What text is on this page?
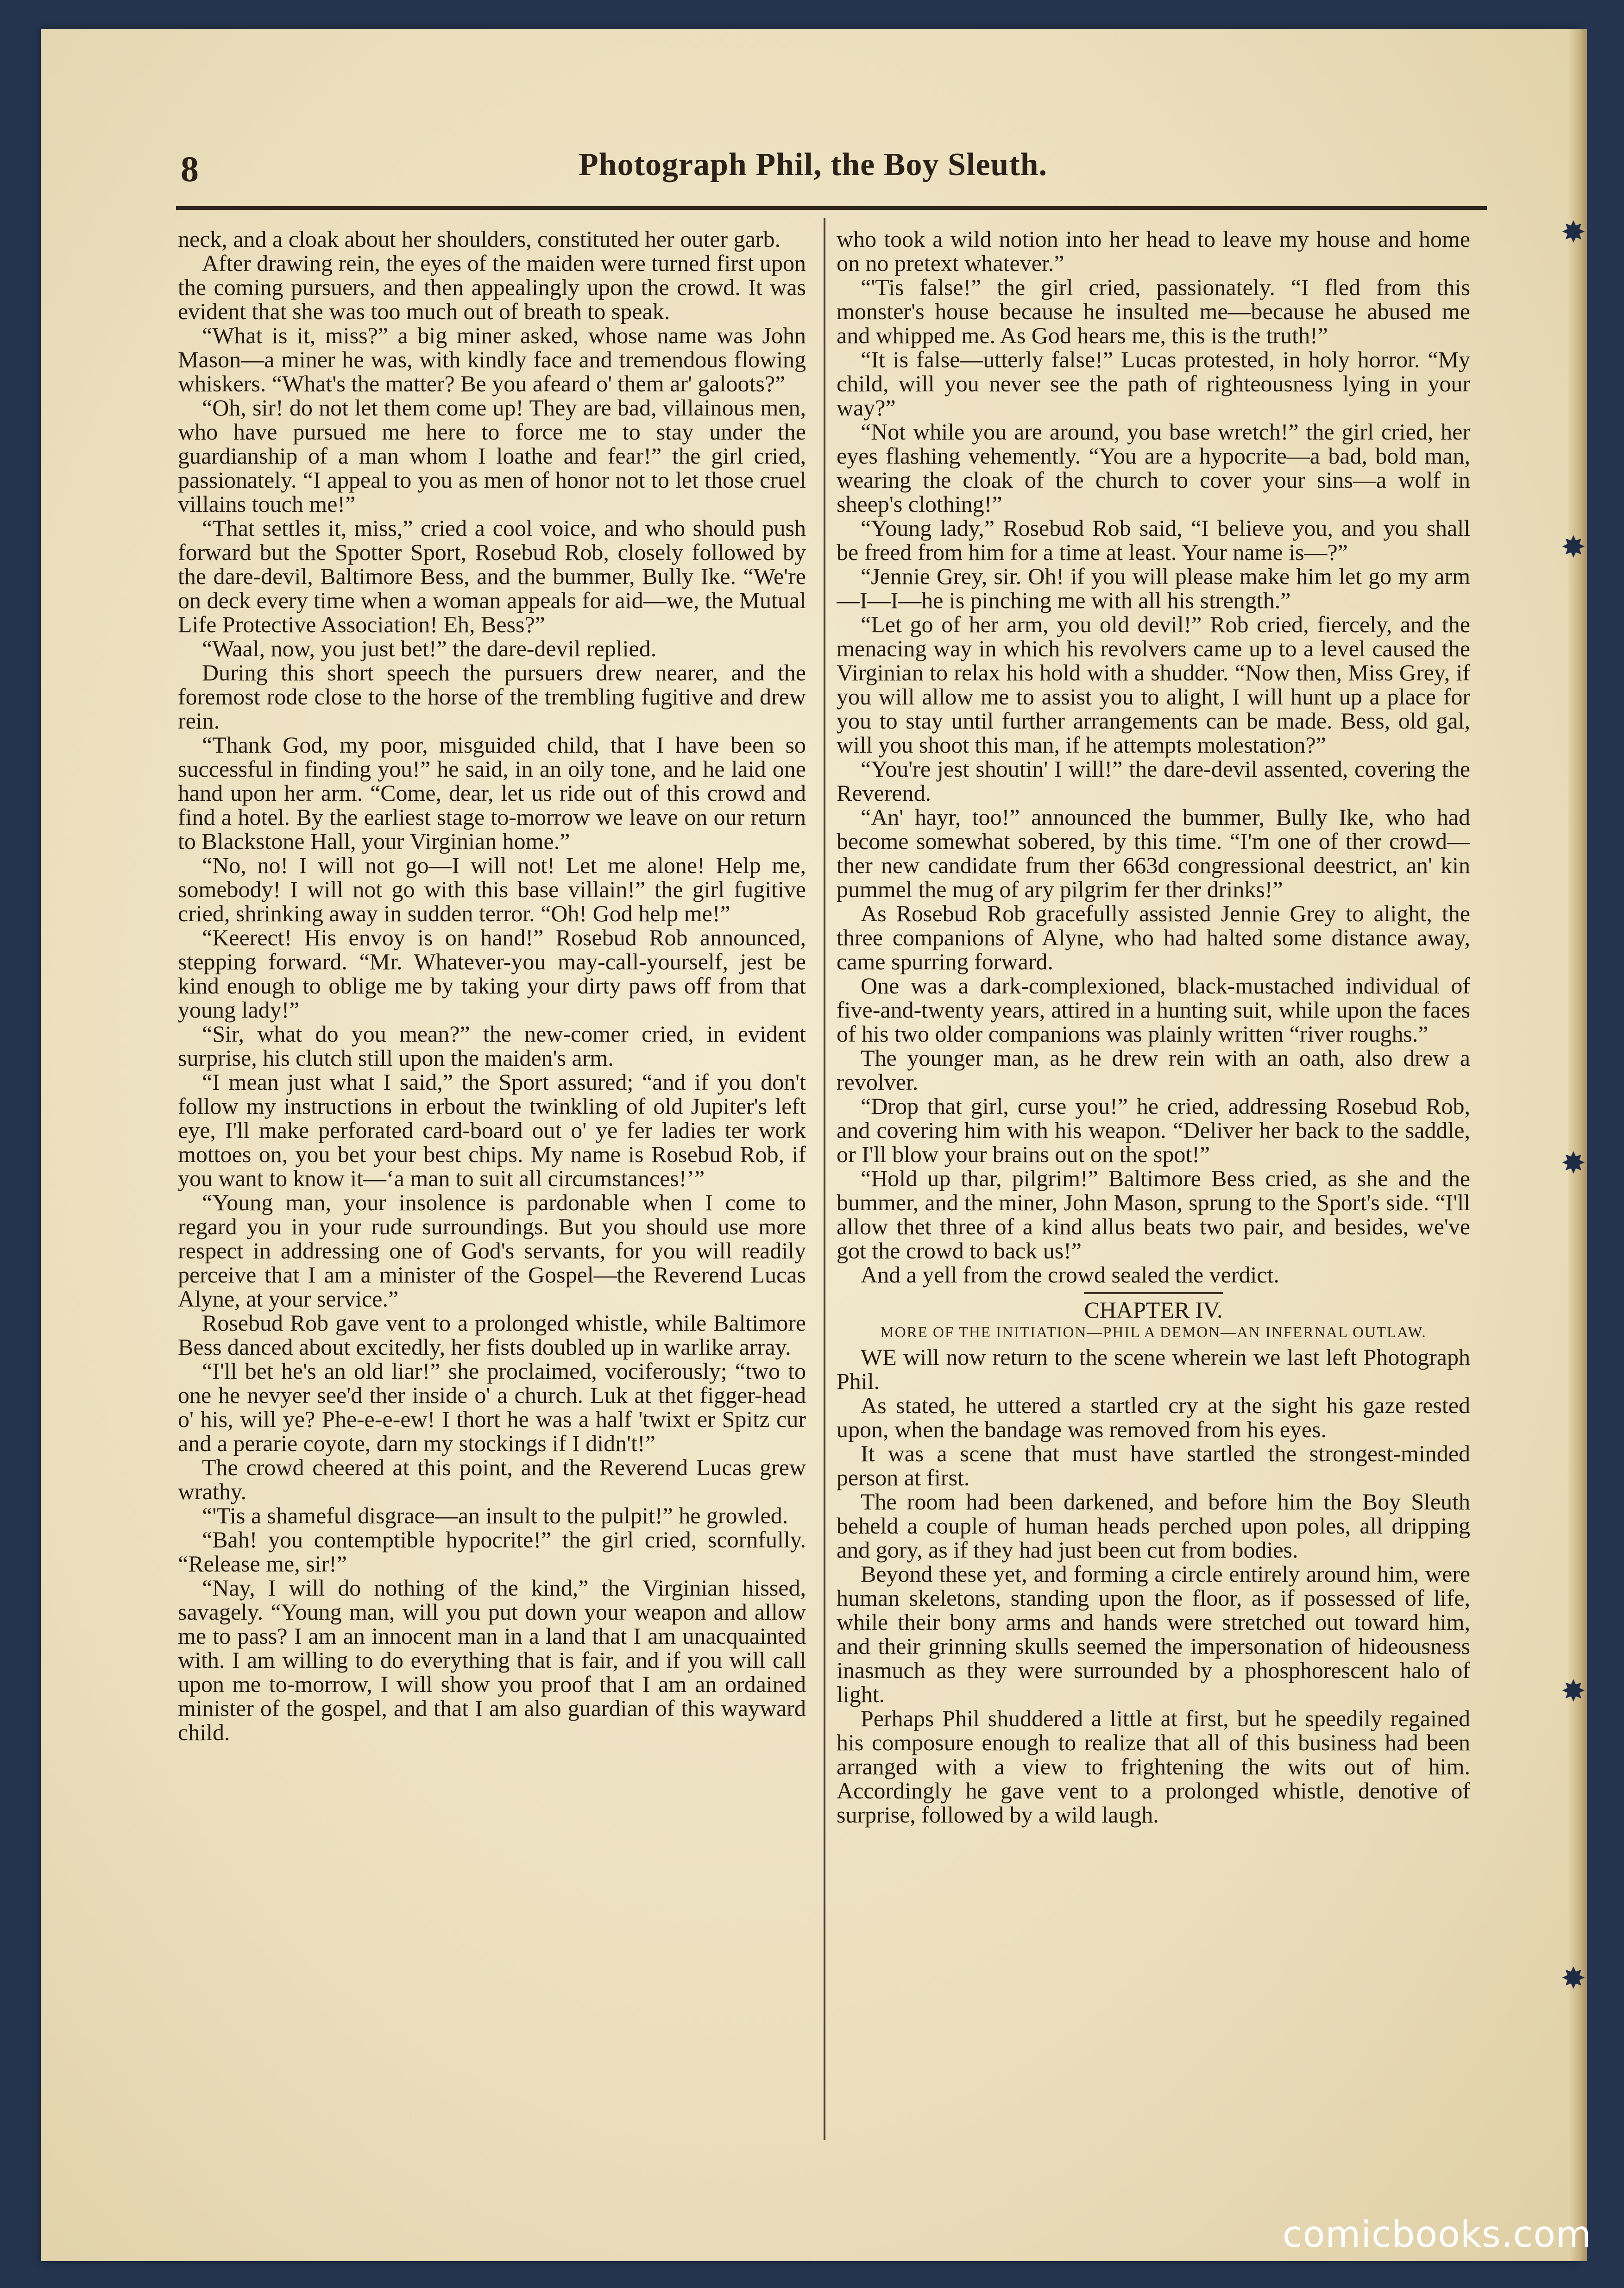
✸
✸
✸
✸
✸
8	Photograph Phil, the Boy Sleuth.

neck, and a cloak about her shoulders, constituted her outer garb.

After drawing rein, the eyes of the maiden were turned first upon the coming pursuers, and then appealingly upon the crowd. It was evident that she was too much out of breath to speak.

“What is it, miss?” a big miner asked, whose name was John Mason—a miner he was, with kindly face and tremendous flowing whiskers. “What's the matter? Be you afeard o' them ar' galoots?”

“Oh, sir! do not let them come up! They are bad, villainous men, who have pursued me here to force me to stay under the guardianship of a man whom I loathe and fear!” the girl cried, passionately. “I appeal to you as men of honor not to let those cruel villains touch me!”

“That settles it, miss,” cried a cool voice, and who should push forward but the Spotter Sport, Rosebud Rob, closely followed by the dare-devil, Baltimore Bess, and the bummer, Bully Ike. “We're on deck every time when a woman appeals for aid—we, the Mutual Life Protective Association! Eh, Bess?”

“Waal, now, you just bet!” the dare-devil replied.

During this short speech the pursuers drew nearer, and the foremost rode close to the horse of the trembling fugitive and drew rein.

“Thank God, my poor, misguided child, that I have been so successful in finding you!” he said, in an oily tone, and he laid one hand upon her arm. “Come, dear, let us ride out of this crowd and find a hotel. By the earliest stage to-morrow we leave on our return to Blackstone Hall, your Virginian home.”

“No, no! I will not go—I will not! Let me alone! Help me, somebody! I will not go with this base villain!” the girl fugitive cried, shrinking away in sudden terror. “Oh! God help me!”

“Keerect! His envoy is on hand!” Rosebud Rob announced, stepping forward. “Mr. Whatever-you may-call-yourself, jest be kind enough to oblige me by taking your dirty paws off from that young lady!”

“Sir, what do you mean?” the new-comer cried, in evident surprise, his clutch still upon the maiden's arm.

“I mean just what I said,” the Sport assured; “and if you don't follow my instructions in erbout the twinkling of old Jupiter's left eye, I'll make perforated card-board out o' ye fer ladies ter work mottoes on, you bet your best chips. My name is Rosebud Rob, if you want to know it—‘a man to suit all circumstances!’”

“Young man, your insolence is pardonable when I come to regard you in your rude surroundings. But you should use more respect in addressing one of God's servants, for you will readily perceive that I am a minister of the Gospel—the Reverend Lucas Alyne, at your service.”

Rosebud Rob gave vent to a prolonged whistle, while Baltimore Bess danced about excitedly, her fists doubled up in warlike array.

“I'll bet he's an old liar!” she proclaimed, vociferously; “two to one he nevyer see'd ther inside o' a church. Luk at thet figger-head o' his, will ye? Phe-e-e-ew! I thort he was a half 'twixt er Spitz cur and a perarie coyote, darn my stockings if I didn't!”

The crowd cheered at this point, and the Reverend Lucas grew wrathy.

“'Tis a shameful disgrace—an insult to the pulpit!” he growled.

“Bah! you contemptible hypocrite!” the girl cried, scornfully. “Release me, sir!”

“Nay, I will do nothing of the kind,” the Virginian hissed, savagely. “Young man, will you put down your weapon and allow me to pass? I am an innocent man in a land that I am unacquainted with. I am willing to do everything that is fair, and if you will call upon me to-morrow, I will show you proof that I am an ordained minister of the gospel, and that I am also guardian of this wayward child.

who took a wild notion into her head to leave my house and home on no pretext whatever.”

“'Tis false!” the girl cried, passionately. “I fled from this monster's house because he insulted me—because he abused me and whipped me. As God hears me, this is the truth!”

“It is false—utterly false!” Lucas protested, in holy horror. “My child, will you never see the path of righteousness lying in your way?”

“Not while you are around, you base wretch!” the girl cried, her eyes flashing vehemently. “You are a hypocrite—a bad, bold man, wearing the cloak of the church to cover your sins—a wolf in sheep's clothing!”

“Young lady,” Rosebud Rob said, “I believe you, and you shall be freed from him for a time at least. Your name is—?”

“Jennie Grey, sir. Oh! if you will please make him let go my arm—I—I—he is pinching me with all his strength.”

“Let go of her arm, you old devil!” Rob cried, fiercely, and the menacing way in which his revolvers came up to a level caused the Virginian to relax his hold with a shudder. “Now then, Miss Grey, if you will allow me to assist you to alight, I will hunt up a place for you to stay until further arrangements can be made. Bess, old gal, will you shoot this man, if he attempts molestation?”

“You're jest shoutin' I will!” the dare-devil assented, covering the Reverend.

“An' hayr, too!” announced the bummer, Bully Ike, who had become somewhat sobered, by this time. “I'm one of ther crowd—ther new candidate frum ther 663d congressional deestrict, an' kin pummel the mug of ary pilgrim fer ther drinks!”

As Rosebud Rob gracefully assisted Jennie Grey to alight, the three companions of Alyne, who had halted some distance away, came spurring forward.

One was a dark-complexioned, black-mustached individual of five-and-twenty years, attired in a hunting suit, while upon the faces of his two older companions was plainly written “river roughs.”

The younger man, as he drew rein with an oath, also drew a revolver.

“Drop that girl, curse you!” he cried, addressing Rosebud Rob, and covering him with his weapon. “Deliver her back to the saddle, or I'll blow your brains out on the spot!”

“Hold up thar, pilgrim!” Baltimore Bess cried, as she and the bummer, and the miner, John Mason, sprung to the Sport's side. “I'll allow thet three of a kind allus beats two pair, and besides, we've got the crowd to back us!”

And a yell from the crowd sealed the verdict.

CHAPTER IV.
MORE OF THE INITIATION—PHIL A DEMON—AN INFERNAL OUTLAW.

WE will now return to the scene wherein we last left Photograph Phil.

As stated, he uttered a startled cry at the sight his gaze rested upon, when the bandage was removed from his eyes.

It was a scene that must have startled the strongest-minded person at first.

The room had been darkened, and before him the Boy Sleuth beheld a couple of human heads perched upon poles, all dripping and gory, as if they had just been cut from bodies.

Beyond these yet, and forming a circle entirely around him, were human skeletons, standing upon the floor, as if possessed of life, while their bony arms and hands were stretched out toward him, and their grinning skulls seemed the impersonation of hideousness inasmuch as they were surrounded by a phosphorescent halo of light.

Perhaps Phil shuddered a little at first, but he speedily regained his composure enough to realize that all of this business had been arranged with a view to frightening the wits out of him. Accordingly he gave vent to a prolonged whistle, denotive of surprise, followed by a wild laugh.

comicbooks.com
